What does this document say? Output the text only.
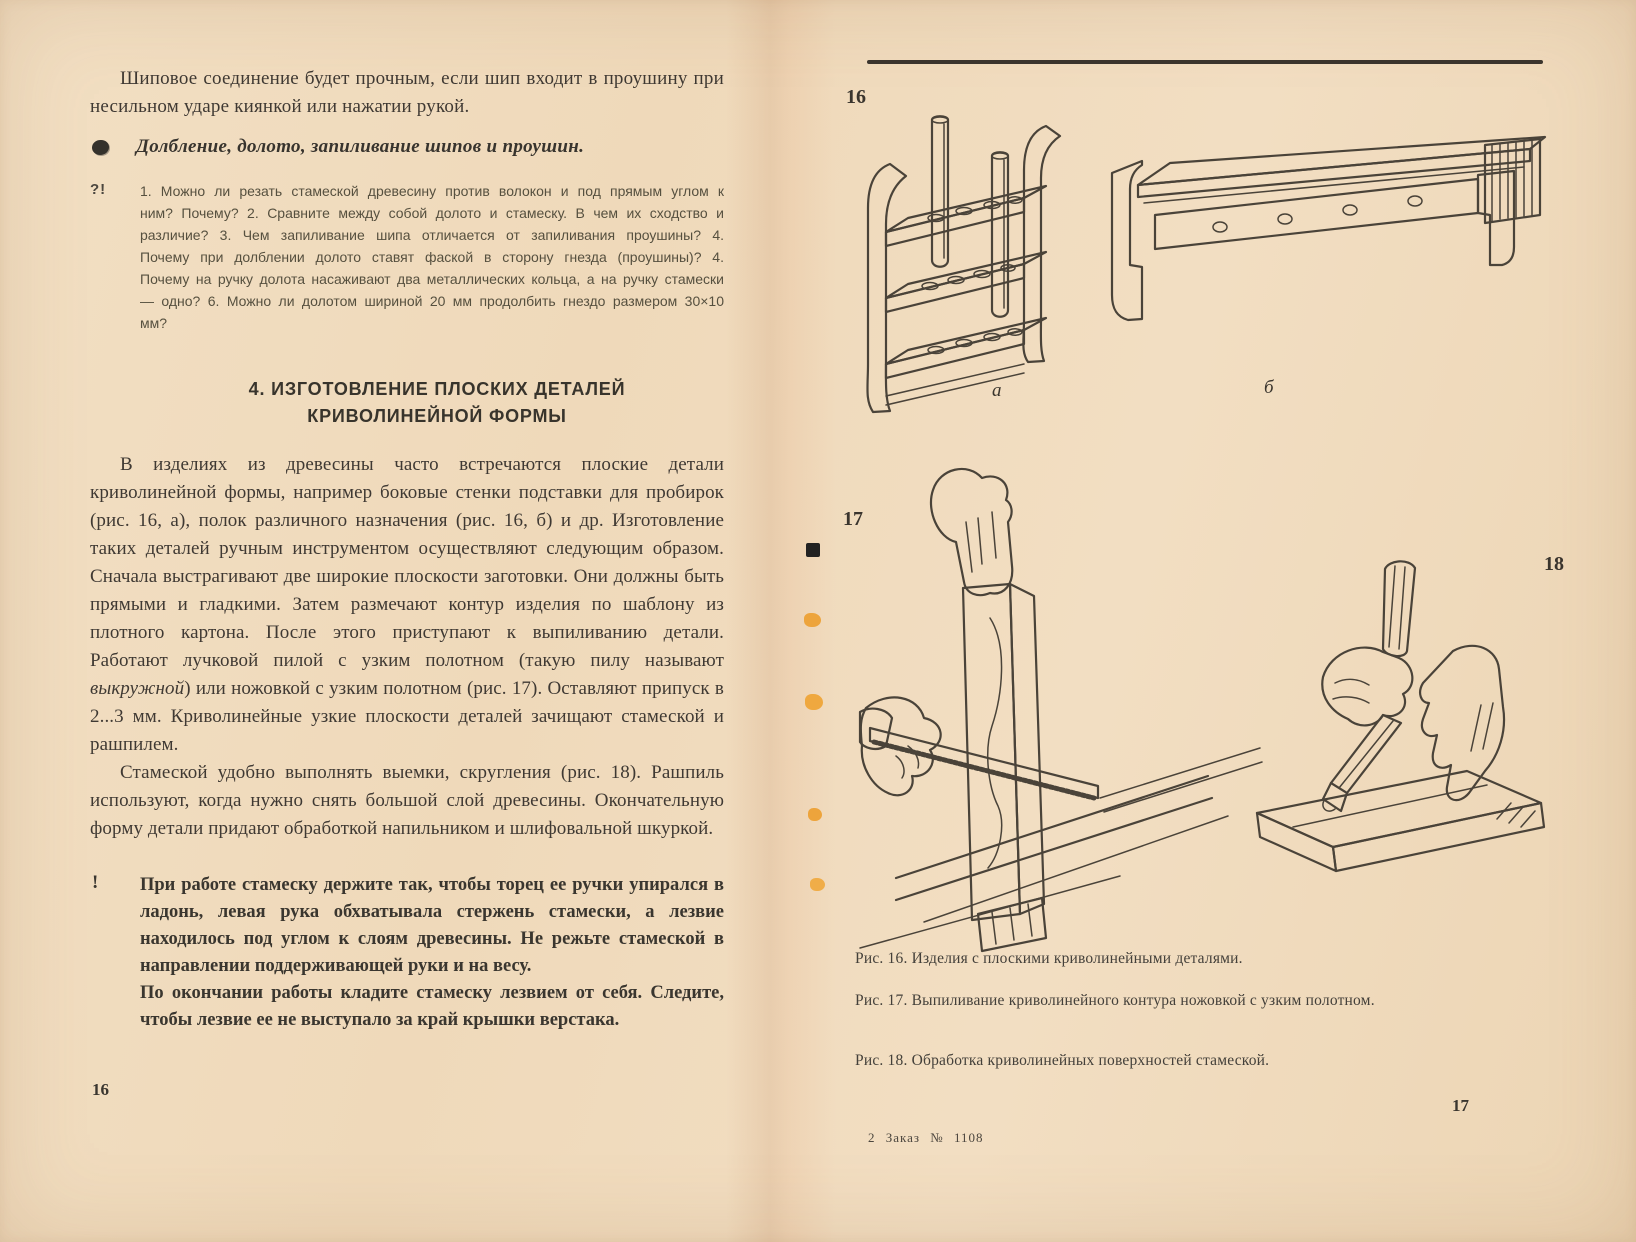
Шиповое соединение будет прочным, если шип входит в проушину при несильном ударе киянкой или нажатии рукой.

Долбление, долото, запиливание шипов и проушин.
?! 1. Можно ли резать стамеской древесину против волокон и под прямым углом к ним? Почему? 2. Сравните между собой долото и стамеску. В чем их сходство и различие? 3. Чем запиливание шипа отличается от запиливания проушины? 4. Почему при долблении долото ставят фаской в сторону гнезда (проушины)? 4. Почему на ручку долота насаживают два металлических кольца, а на ручку стамески — одно? 6. Можно ли долотом шириной 20 мм продолбить гнездо размером 30×10 мм?
4. ИЗГОТОВЛЕНИЕ ПЛОСКИХ ДЕТАЛЕЙ
КРИВОЛИНЕЙНОЙ ФОРМЫ

В изделиях из древесины часто встречаются плоские детали криволинейной формы, например боковые стенки подставки для пробирок (рис. 16, а), полок различного назначения (рис. 16, б) и др. Изготовление таких деталей ручным инструментом осуществляют следующим образом. Сначала выстрагивают две широкие плоскости заготовки. Они должны быть прямыми и гладкими. Затем размечают контур изделия по шаблону из плотного картона. После этого приступают к выпиливанию детали. Работают лучковой пилой с узким полотном (такую пилу называют выкружной) или ножовкой с узким полотном (рис. 17). Оставляют припуск в 2...3 мм. Криволинейные узкие плоскости деталей зачищают стамеской и рашпилем.

Стамеской удобно выполнять выемки, скругления (рис. 18). Рашпиль используют, когда нужно снять большой слой древесины. Окончательную форму детали придают обработкой напильником и шлифовальной шкуркой.

! При работе стамеску держите так, чтобы торец ее ручки упирался в ладонь, левая рука обхватывала стержень стамески, а лезвие находилось под углом к слоям древесины. Не режьте стамеской в направлении поддерживающей руки и на весу.

По окончании работы кладите стамеску лезвием от себя. Следите, чтобы лезвие ее не выступало за край крышки верстака.

16
16
а	б
17
18
Рис. 16. Изделия с плоскими криволинейными деталями.
Рис. 17. Выпиливание криволинейного контура ножовкой с узким полотном.
Рис. 18. Обработка криволинейных поверхностей стамеской.
2 Заказ № 1108
17
